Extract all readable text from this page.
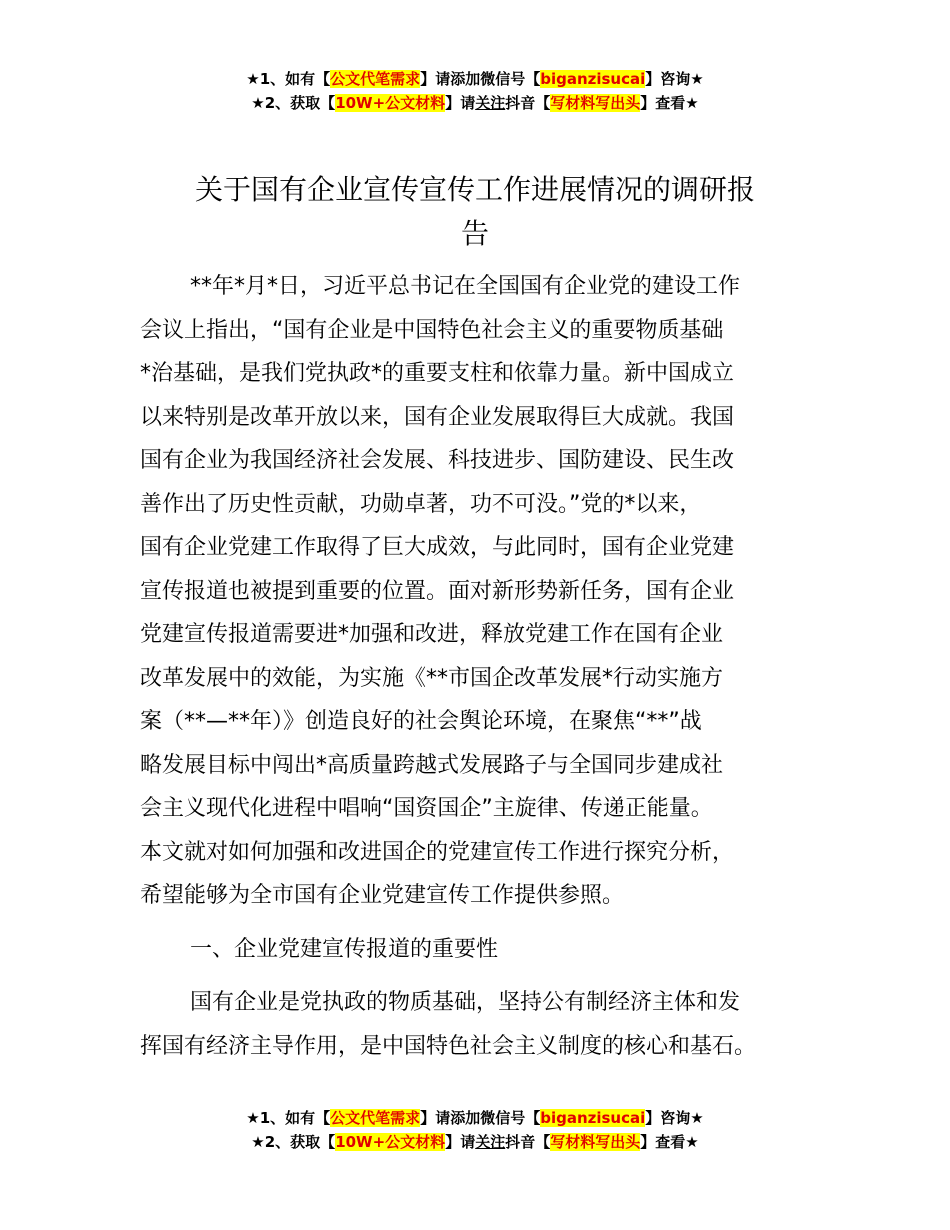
★1、如有【公文代笔需求】请添加微信号【biganzisucai】咨询★
★2、获取【10W+公文材料】请关注抖音【写材料写出头】查看★
关于国有企业宣传宣传工作进展情况的调研报
告

**年*月*日，习近平总书记在全国国有企业党的建设工作
会议上指出，“国有企业是中国特色社会主义的重要物质基础
*治基础，是我们党执政*的重要支柱和依靠力量。新中国成立
以来特别是改革开放以来，国有企业发展取得巨大成就。我国
国有企业为我国经济社会发展、科技进步、国防建设、民生改
善作出了历史性贡献，功勋卓著，功不可没。”党的*以来，
国有企业党建工作取得了巨大成效，与此同时，国有企业党建
宣传报道也被提到重要的位置。面对新形势新任务，国有企业
党建宣传报道需要进*加强和改进，释放党建工作在国有企业
改革发展中的效能，为实施《**市国企改革发展*行动实施方
案（**—**年）》创造良好的社会舆论环境，在聚焦“**”战
略发展目标中闯出*高质量跨越式发展路子与全国同步建成社
会主义现代化进程中唱响“国资国企”主旋律、传递正能量。
本文就对如何加强和改进国企的党建宣传工作进行探究分析，
希望能够为全市国有企业党建宣传工作提供参照。

一、企业党建宣传报道的重要性

国有企业是党执政的物质基础，坚持公有制经济主体和发
挥国有经济主导作用，是中国特色社会主义制度的核心和基石。

★1、如有【公文代笔需求】请添加微信号【biganzisucai】咨询★
★2、获取【10W+公文材料】请关注抖音【写材料写出头】查看★
